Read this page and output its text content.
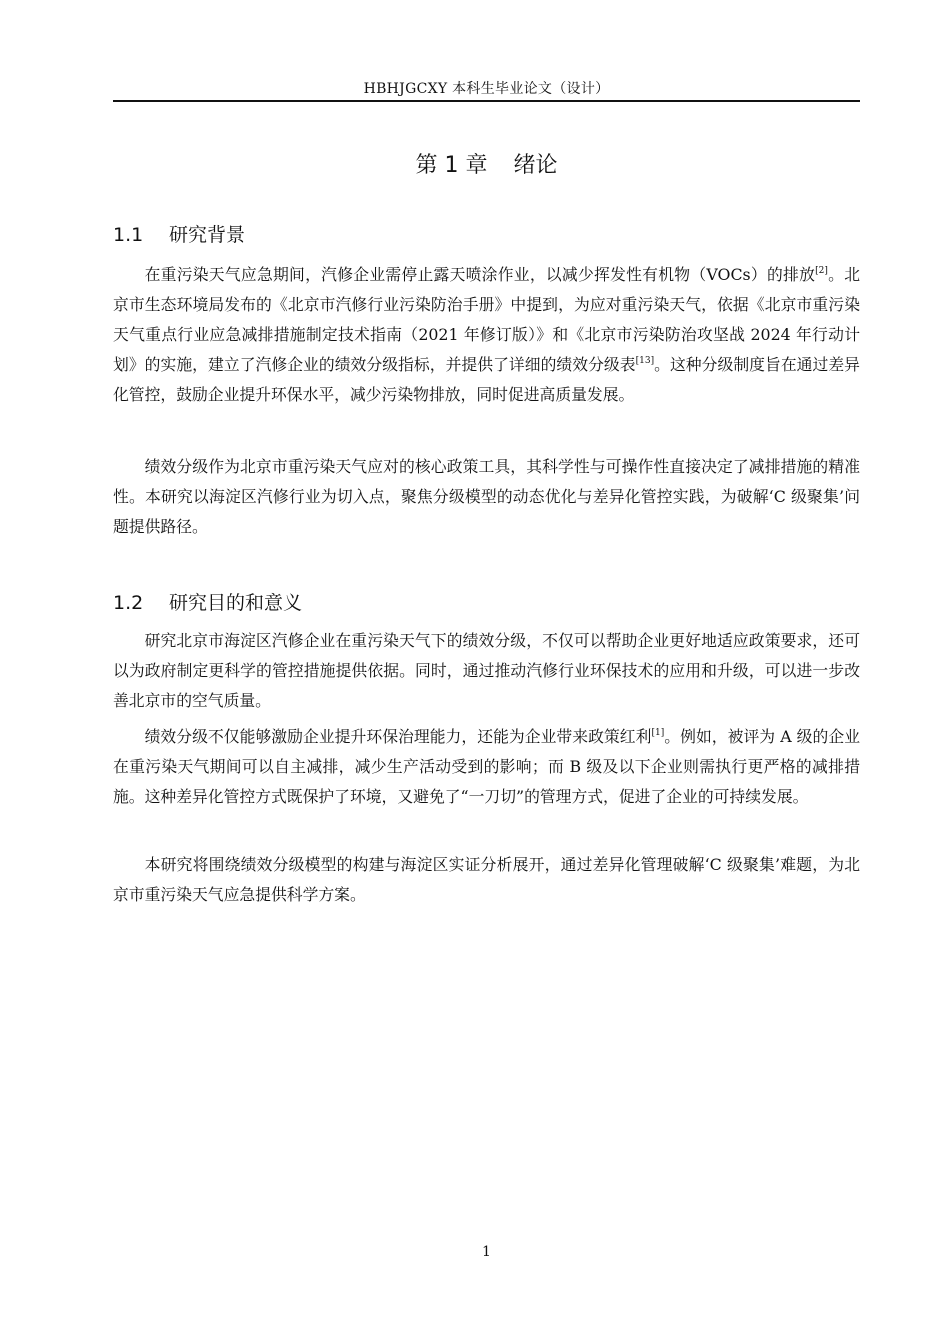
HBHJGCXY 本科生毕业论文（设计）
第 1 章 绪论
1.1 研究背景

在重污染天气应急期间，汽修企业需停止露天喷涂作业，以减少挥发性有机物（VOCs）的排放[2]。北京市生态环境局发布的《北京市汽修行业污染防治手册》中提到，为应对重污染天气，依据《北京市重污染天气重点行业应急减排措施制定技术指南（2021 年修订版）》和《北京市污染防治攻坚战 2024 年行动计划》的实施，建立了汽修企业的绩效分级指标，并提供了详细的绩效分级表[13]。这种分级制度旨在通过差异化管控，鼓励企业提升环保水平，减少污染物排放，同时促进高质量发展。

绩效分级作为北京市重污染天气应对的核心政策工具，其科学性与可操作性直接决定了减排措施的精准性。本研究以海淀区汽修行业为切入点，聚焦分级模型的动态优化与差异化管控实践，为破解‘C 级聚集’问题提供路径。

1.2 研究目的和意义

研究北京市海淀区汽修企业在重污染天气下的绩效分级，不仅可以帮助企业更好地适应政策要求，还可以为政府制定更科学的管控措施提供依据。同时，通过推动汽修行业环保技术的应用和升级，可以进一步改善北京市的空气质量。

绩效分级不仅能够激励企业提升环保治理能力，还能为企业带来政策红利[1]。例如，被评为 A 级的企业在重污染天气期间可以自主减排，减少生产活动受到的影响；而 B 级及以下企业则需执行更严格的减排措施。这种差异化管控方式既保护了环境，又避免了“一刀切”的管理方式，促进了企业的可持续发展。

本研究将围绕绩效分级模型的构建与海淀区实证分析展开，通过差异化管理破解‘C 级聚集’难题，为北京市重污染天气应急提供科学方案。

1
